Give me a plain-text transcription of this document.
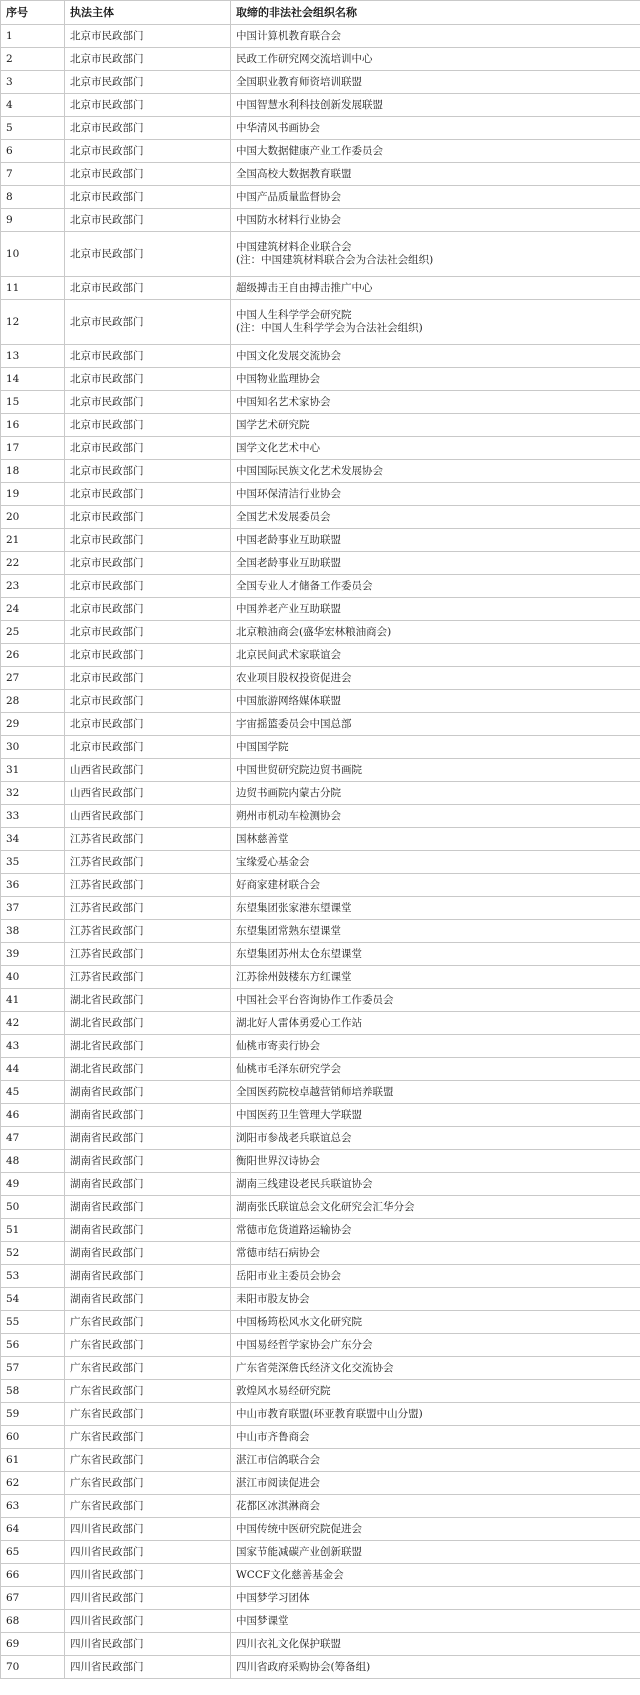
序号	执法主体	取缔的非法社会组织名称
1	北京市民政部门	中国计算机教育联合会

2	北京市民政部门	民政工作研究网交流培训中心

3	北京市民政部门	全国职业教育师资培训联盟

4	北京市民政部门	中国智慧水利科技创新发展联盟

5	北京市民政部门	中华清风书画协会

6	北京市民政部门	中国大数据健康产业工作委员会

7	北京市民政部门	全国高校大数据教育联盟

8	北京市民政部门	中国产品质量监督协会

9	北京市民政部门	中国防水材料行业协会

10	北京市民政部门	中国建筑材料企业联合会
(注：中国建筑材料联合会为合法社会组织)

11	北京市民政部门	超级搏击王自由搏击推广中心

12	北京市民政部门	中国人生科学学会研究院
(注：中国人生科学学会为合法社会组织)

13	北京市民政部门	中国文化发展交流协会

14	北京市民政部门	中国物业监理协会

15	北京市民政部门	中国知名艺术家协会

16	北京市民政部门	国学艺术研究院

17	北京市民政部门	国学文化艺术中心

18	北京市民政部门	中国国际民族文化艺术发展协会

19	北京市民政部门	中国环保清洁行业协会

20	北京市民政部门	全国艺术发展委员会

21	北京市民政部门	中国老龄事业互助联盟

22	北京市民政部门	全国老龄事业互助联盟

23	北京市民政部门	全国专业人才储备工作委员会

24	北京市民政部门	中国养老产业互助联盟

25	北京市民政部门	北京粮油商会(盛华宏林粮油商会)

26	北京市民政部门	北京民间武术家联谊会

27	北京市民政部门	农业项目股权投资促进会

28	北京市民政部门	中国旅游网络媒体联盟

29	北京市民政部门	宇宙摇篮委员会中国总部

30	北京市民政部门	中国国学院

31	山西省民政部门	中国世贸研究院边贸书画院

32	山西省民政部门	边贸书画院内蒙古分院

33	山西省民政部门	朔州市机动车检测协会

34	江苏省民政部门	国林慈善堂

35	江苏省民政部门	宝缘爱心基金会

36	江苏省民政部门	好商家建材联合会

37	江苏省民政部门	东望集团张家港东望课堂

38	江苏省民政部门	东望集团常熟东望课堂

39	江苏省民政部门	东望集团苏州太仓东望课堂

40	江苏省民政部门	江苏徐州鼓楼东方红课堂

41	湖北省民政部门	中国社会平台咨询协作工作委员会

42	湖北省民政部门	湖北好人雷体勇爱心工作站

43	湖北省民政部门	仙桃市寄卖行协会

44	湖北省民政部门	仙桃市毛泽东研究学会

45	湖南省民政部门	全国医药院校卓越营销师培养联盟

46	湖南省民政部门	中国医药卫生管理大学联盟

47	湖南省民政部门	浏阳市参战老兵联谊总会

48	湖南省民政部门	衡阳世界汉诗协会

49	湖南省民政部门	湖南三线建设老民兵联谊协会

50	湖南省民政部门	湖南张氏联谊总会文化研究会汇华分会

51	湖南省民政部门	常德市危货道路运输协会

52	湖南省民政部门	常德市结石病协会

53	湖南省民政部门	岳阳市业主委员会协会

54	湖南省民政部门	耒阳市股友协会

55	广东省民政部门	中国杨筠松风水文化研究院

56	广东省民政部门	中国易经哲学家协会广东分会

57	广东省民政部门	广东省莞深詹氏经济文化交流协会

58	广东省民政部门	敦煌风水易经研究院

59	广东省民政部门	中山市教育联盟(环亚教育联盟中山分盟)

60	广东省民政部门	中山市齐鲁商会

61	广东省民政部门	湛江市信鸽联合会

62	广东省民政部门	湛江市阅读促进会

63	广东省民政部门	花都区冰淇淋商会

64	四川省民政部门	中国传统中医研究院促进会

65	四川省民政部门	国家节能减碳产业创新联盟

66	四川省民政部门	WCCF文化慈善基金会

67	四川省民政部门	中国梦学习团体

68	四川省民政部门	中国梦课堂

69	四川省民政部门	四川衣礼文化保护联盟

70	四川省民政部门	四川省政府采购协会(筹备组)
